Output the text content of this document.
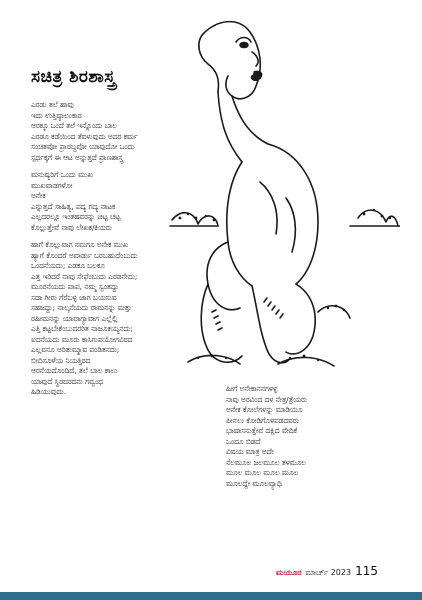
ಸಚಿತ್ರ ಶಿರಶಾಸ್ತ್ರ
ಎರಡು ತಲೆ ಹಾವು
ಇದು ಉತ್ತಿಷ್ಠಾಲಂಕಾರ
ಆರಕ್ಕೂ ಒಂದೆ ತಲೆ ಇನ್ನೊಂದು ಬಾಲ
ಎರಡೂ ಕಡೆಯಿಂದ ತೆವಳುವುದು ಅದರ ಕರ್ಮ
ಸಂಚಿತವೋ ಪ್ರಾರಬ್ಧವೋ ಯಾವುದೋ ಒಂದು
ಸ್ಪರ್ಧಕ್ಕಗೆ ಈ ಆಟ ಅನ್ನುತ್ತದೆ ಪ್ರಾಣಶಾಸ್ತ್ರ
ಮನುಷ್ಯರಿಗೆ ಒಂದು ಮುಖ
ಮುಖವಾಡಗಳೋ
ಅನೇಕ
ಎನ್ನುತ್ತದೆ ಸಾಹಿತ್ಯ, ಪದ್ಯ ಗದ್ಯ ನಾಟಕ
ಎಲ್ಲದರಲ್ಲೂ ಇಂತಹವರನ್ನು ಚಟ್ಟ ಚಟ್ಟ
ಕೊಲ್ಲುತ್ತೇವೆ ನಾವು ಲೇಖಕ/ಕಿಯರು
ಹಾಗೆ ಕೊಲ್ಲುವಾಗ ನಮಗೂ ಅನೇಕ ಮುಖ
ಹ್ಯಾಗೆ ಕೊಂದರೆ ಅವಾರ್ಡು ಬರಬಹುದೆಂಬುದು
ಒಂದನೆಯದು; ಎಡಕೂ ಬಲಕೂ
ಎತ್ತ ಇರಿದರೆ ನಾವು ಸೇಫೆಂಬುದು ಎರಡನೇದು;
ಮೂರನೆಯದು ಪಾಪ, ನಮ್ಮ ಸ್ವಂತದ್ದು
ಸದಾ ಗೀರು ಗೆರೆಬಳ್ಳ ಜಾಗ ಬಯಸುವ
ಸಹಜದ್ದು; ನಾಲ್ಕನೆಯದು ರಾಮನನ್ನು ಮತ್ತು
ರಹೀಮನನ್ನು ಯಾವಾಗ್ಯಾವಾಗ ಎಲ್ಲೆಲ್ಲಿ
ಎತ್ತಿ ಕಟ್ಟಬೇಕೆಂಬುದರರಿತ ನಾಜೂಕಯ್ಯನದು;
ಐದನೆಯದು ಮೂರು ಕಾಸಿಗುಪಯೋಗವಿರದ
ಎಲ್ಲವನೂ ಅರಿತುಮ್ಮಾವ ಪಂಡಿತನದು;
ಬೀದಿಸೂಳೆಯ ನಿಯತ್ತಿರದ
ಆರನೆಯದೊಂದಿದೆ, ತಲೆ ಬಾಲ ಕಾಲು
ಯಾವುದೆ ಸ್ಥಿರದರದನು ಗವ್ವಂಧ
ಹಿಡಿಯುವುದು.	ಹೀಗೆ ಅನೇಕಾನನಗಳಳ್ಳ
ನಾವು ಅರವಿಂದ ದಳ ನೇತ್ರ/ತ್ರೆಯರು
ಅನೇಕ ಕೋಲೆಗಳನ್ನು ಮಾಡಿಯೂ
ಪೀನಲು ಕೋಡಿಗೊಳಪಡದವರು
ಭಾಷಾಸನುತ್ತೇವೆ ದಕ್ಷಿದ ವೇದಿಕೆ
ಒಂದೂ ಬಿಡದೆ
ವಿಷಯ ಮಾತ್ರ ಅದೇ
ನೆಲಮೂಲ ಜಲಮೂಲ ತಳಮೂಲ
ಮೂಲ ಮೂಲ ಮೂಲ ಮೂಲ
ಮೂಲದ್ದೇ ಮೂಲವ್ಯಾಧಿ
ಮಯೂರ ಮಾರ್ಚ್ 2023 115
